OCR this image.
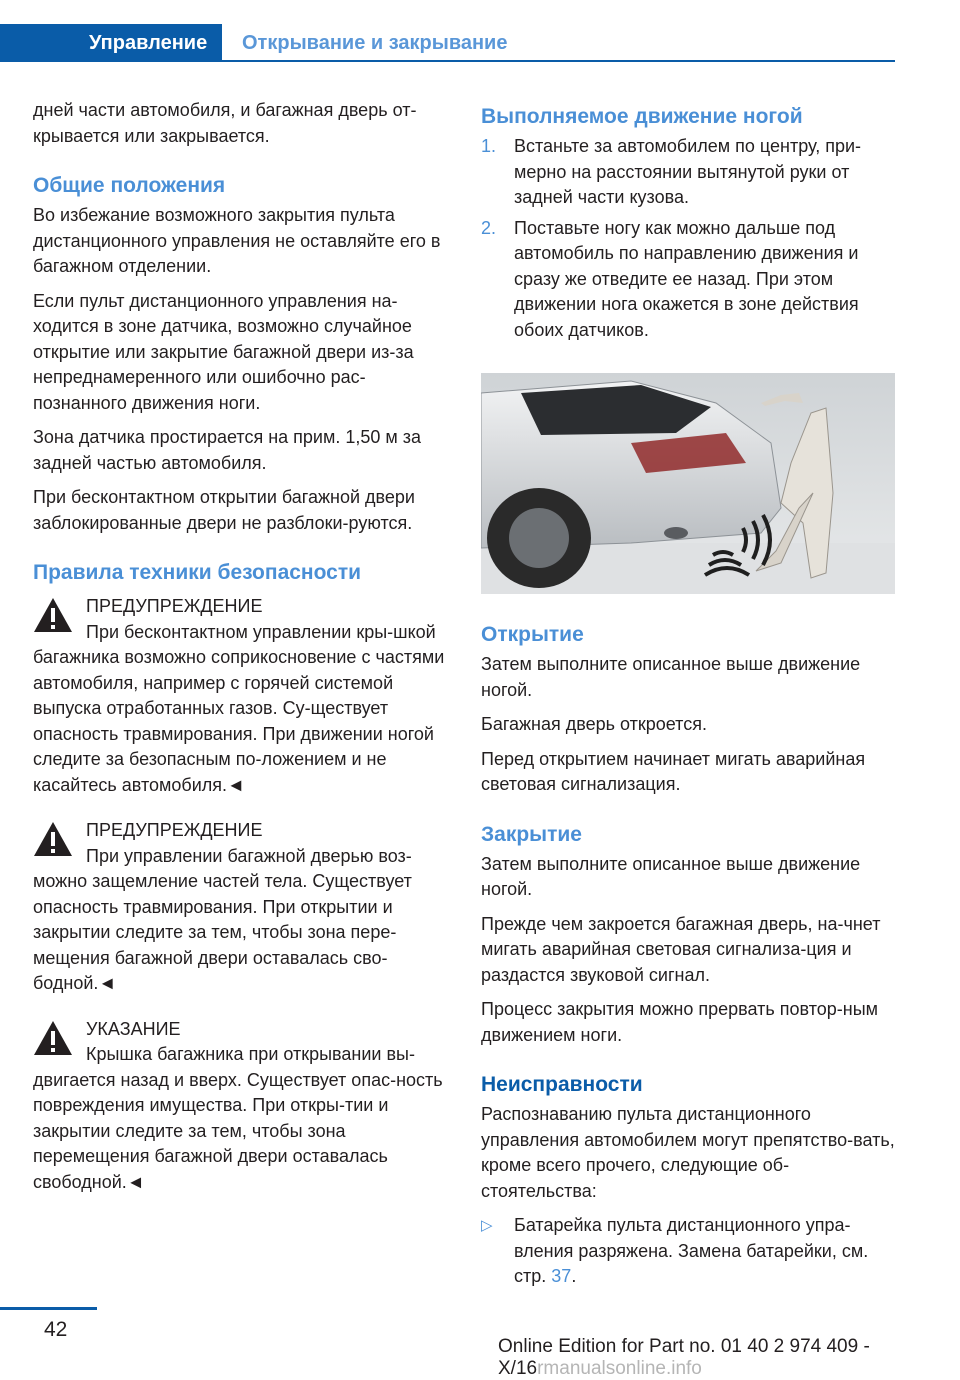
Управление Открывание и закрывание

дней части автомобиля, и багажная дверь от‐крывается или закрывается.

Общие положения

Во избежание возможного закрытия пульта дистанционного управления не оставляйте его в багажном отделении.

Если пульт дистанционного управления на‐ходится в зоне датчика, возможно случайное открытие или закрытие багажной двери из-за непреднамеренного или ошибочно рас‐познанного движения ноги.

Зона датчика простирается на прим. 1,50 м за задней частью автомобиля.

При бесконтактном открытии багажной двери заблокированные двери не разблоки‐руются.

Правила техники безопасности
ПРЕДУПРЕЖДЕНИЕ
При бесконтактном управлении кры‐шкой багажника возможно соприкосновение с частями автомобиля, например с горячей системой выпуска отработанных газов. Су‐ществует опасность травмирования. При движении ногой следите за безопасным по‐ложением и не касайтесь автомобиля.◄
ПРЕДУПРЕЖДЕНИЕ
При управлении багажной дверью воз‐можно защемление частей тела. Существует опасность травмирования. При открытии и закрытии следите за тем, чтобы зона пере‐мещения багажной двери оставалась сво‐бодной.◄
УКАЗАНИЕ
Крышка багажника при открывании вы‐двигается назад и вверх. Существует опас‐ность повреждения имущества. При откры‐тии и закрытии следите за тем, чтобы зона перемещения багажной двери оставалась свободной.◄
Выполняемое движение ногой
1. Встаньте за автомобилем по центру, при‐мерно на расстоянии вытянутой руки от задней части кузова.
2. Поставьте ногу как можно дальше под автомобиль по направлению движения и сразу же отведите ее назад. При этом движении нога окажется в зоне действия обоих датчиков.
Открытие

Затем выполните описанное выше движение ногой.

Багажная дверь откроется.

Перед открытием начинает мигать аварийная световая сигнализация.

Закрытие

Затем выполните описанное выше движение ногой.

Прежде чем закроется багажная дверь, на‐чнет мигать аварийная световая сигнализа‐ция и раздастся звуковой сигнал.

Процесс закрытия можно прервать повтор‐ным движением ноги.

Неисправности

Распознаванию пульта дистанционного управления автомобилем могут препятство‐вать, кроме всего прочего, следующие об‐стоятельства:

▷ Батарейка пульта дистанционного упра‐вления разряжена. Замена батарейки, см. стр. 37.
42
Online Edition for Part no. 01 40 2 974 409 - X/16rmanualsonline.info
